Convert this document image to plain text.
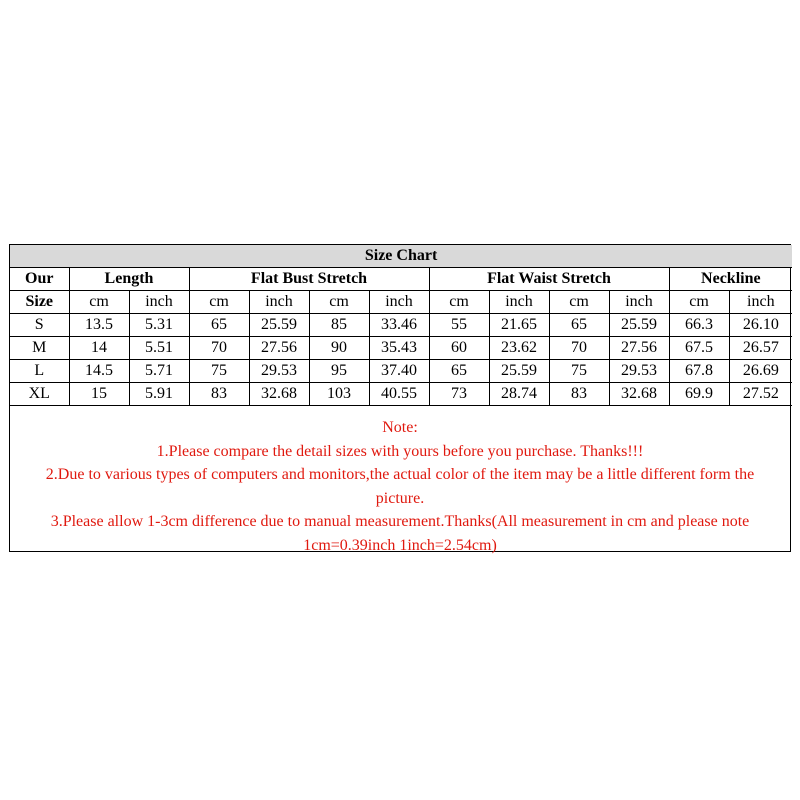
Size Chart												
Our	Length		Flat Bust Stretch				Flat Waist Stretch				Neckline	
Size	cm	inch	cm	inch	cm	inch	cm	inch	cm	inch	cm	inch
S	13.5	5.31	65	25.59	85	33.46	55	21.65	65	25.59	66.3	26.10
M	14	5.51	70	27.56	90	35.43	60	23.62	70	27.56	67.5	26.57
L	14.5	5.71	75	29.53	95	37.40	65	25.59	75	29.53	67.8	26.69
XL	15	5.91	83	32.68	103	40.55	73	28.74	83	32.68	69.9	27.52
Note:
1.Please compare the detail sizes with yours before you purchase. Thanks!!!
2.Due to various types of computers and monitors,the actual color of the item may be a little different form the
picture.
3.Please allow 1-3cm difference due to manual measurement.Thanks(All measurement in cm and please note
1cm=0.39inch 1inch=2.54cm)
